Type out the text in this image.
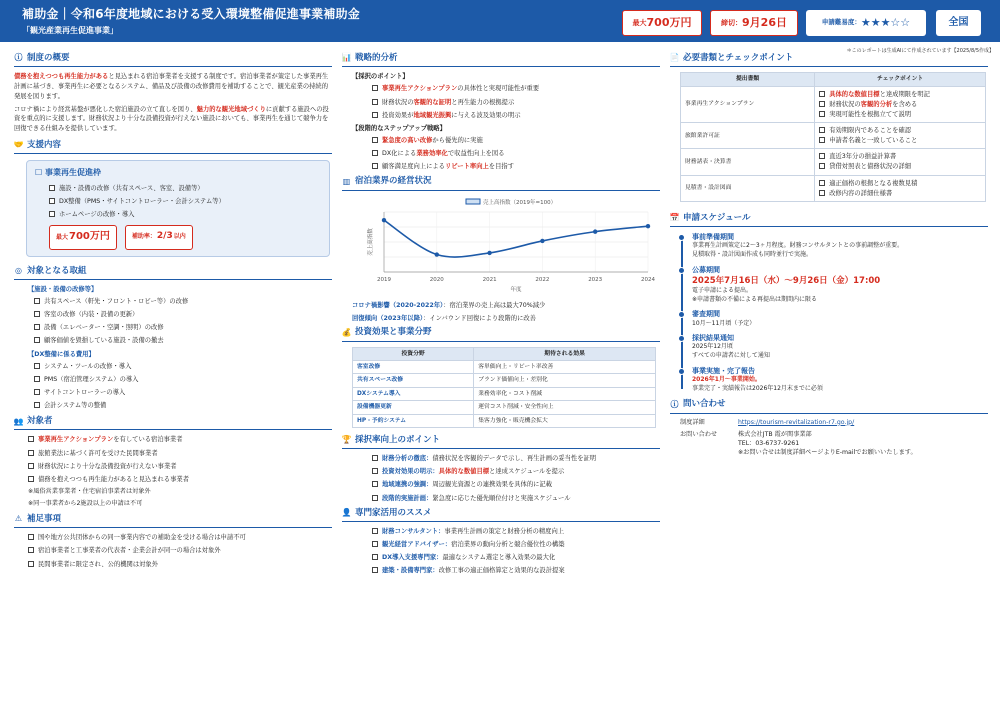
補助金｜令和6年度地域における受入環境整備促進事業補助金
「観光産業再生促進事業」
最大 700万円	締切： 9月26日	申請難易度： ★★★☆☆	全国
＊このレポートは生成AIにて作成されています【2025/8/5作成】
ⓘ 制度の概要
債務を抱えつつも再生能力があると見込まれる宿泊事業者を支援する制度です。宿泊事業者が策定した事業再生計画に基づき、事業再生に必要となるシステム、備品及び設備の改修費用を補助することで、観光産業の持続的発展を図ります。
コロナ禍により経営基盤が悪化した宿泊施設の立て直しを図り、魅力的な観光地域づくりに貢献する施設への投資を重点的に支援します。財務状況より十分な設備投資が行えない施設においても、事業再生を通じて競争力を回復できる仕組みを提供しています。
🤝 支援内容
☐ 事業再生促進枠
施設・設備の改修（共有スペース、客室、設備等）
DX整備（PMS・サイトコントローラー・会計システム等）
ホームページの改修・導入
最大 700万円	補助率： 2/3 以内
◎ 対象となる取組
【施設・設備の改修等】
共有スペース（軒先・フロント・ロビー等）の改修
客室の改修（内装・設備の更新）
設備（エレベーター・空調・照明）の改修
顧客価値を毀損している施設・設備の撤去
【DX整備に係る費用】
システム・ツールの改修・導入
PMS（宿泊管理システム）の導入
サイトコントローラーの導入
会計システム等の整備
👥 対象者
事業再生アクションプランを有している宿泊事業者
旅館業法に基づく許可を受けた民間事業者
財務状況により十分な設備投資が行えない事業者
債務を抱えつつも再生能力があると見込まれる事業者
※風俗営業事業者・住宅宿泊事業者は対象外
※同一事業者から2施設以上の申請は不可
⚠ 補足事項
国や地方公共団体からの同一事業内容での補助金を受ける場合は申請不可
宿泊事業者と工事業者の代表者・企業会計が同一の場合は対象外
民間事業者に限定され、公的機関は対象外
📊 戦略的分析
【採択のポイント】
事業再生アクションプランの具体性と実現可能性が重要
財務状況の客観的な証明と再生能力の根拠提示
投資効果が地域観光振興に与える波及効果の明示
【段階的なステップアップ戦略】
緊急度の高い改修から優先的に実施
DX化による業務効率化で収益性向上を図る
顧客満足度向上によるリピート率向上を目指す
▥ 宿泊業界の経営状況
2019	2020	2021	2022	2023	2024
年度
売上高指数
売上高指数（2019年=100）
コロナ禍影響（2020-2022年）：宿泊業界の売上高は最大70%減少
回復傾向（2023年以降）：インバウンド回復により段階的に改善
💰 投資効果と事業分野
投資分野	期待される効果
客室改修	客単価向上・リピート率改善
共有スペース改修	ブランド価値向上・差別化
DXシステム導入	業務効率化・コスト削減
設備機器更新	運営コスト削減・安全性向上
HP・予約システム	集客力強化・販売機会拡大
🏆 採択率向上のポイント
財務分析の徹底：債務状況を客観的データで示し、再生計画の妥当性を証明
投資対効果の明示：具体的な数値目標と達成スケジュールを提示
地域連携の強調：周辺観光資源との連携効果を具体的に記載
段階的実施計画：緊急度に応じた優先順位付けと実施スケジュール
👤 専門家活用のススメ
財務コンサルタント：事業再生計画の策定と財務分析の精度向上
観光経営アドバイザー：宿泊業界の動向分析と競合優位性の構築
DX導入支援専門家：最適なシステム選定と導入効果の最大化
建築・設備専門家：改修工事の適正価格算定と効果的な設計提案
📄 必要書類とチェックポイント
提出書類	チェックポイント
事業再生アクションプラン	具体的な数値目標と達成期限を明記
財務状況の客観的分析を含める
実現可能性を根拠立てて説明

旅館業許可証	有効期限内であることを確認
申請者名義と一致していること

財務諸表・決算書	直近3年分の損益計算書
貸借対照表と債務状況の詳細

見積書・設計図面	適正価格の根拠となる複数見積
改修内容の詳細仕様書
📅 申請スケジュール
事前準備期間
事業再生計画策定に2〜3ヶ月程度。財務コンサルタントとの事前調整が重要。
見積取得・設計図面作成も同時並行で実施。
公募期間
2025年7月16日（水）〜9月26日（金）17:00
電子申請による提出。
※申請書類の不備による再提出は期間内に限る
審査期間
10月〜11月頃（予定）
採択結果通知
2025年12月頃
すべての申請者に対して通知
事業実施・完了報告
2026年1月〜事業開始。
事業完了・実績報告は2026年12月末までに必須
ⓘ 問い合わせ
制度詳細	https://tourism-revitalization-r7.go.jp/
お問い合わせ	株式会社JTB 霞が関事業部
TEL：03-6737-9261
※お問い合せは制度詳細ページよりE-mailでお願いいたします。
